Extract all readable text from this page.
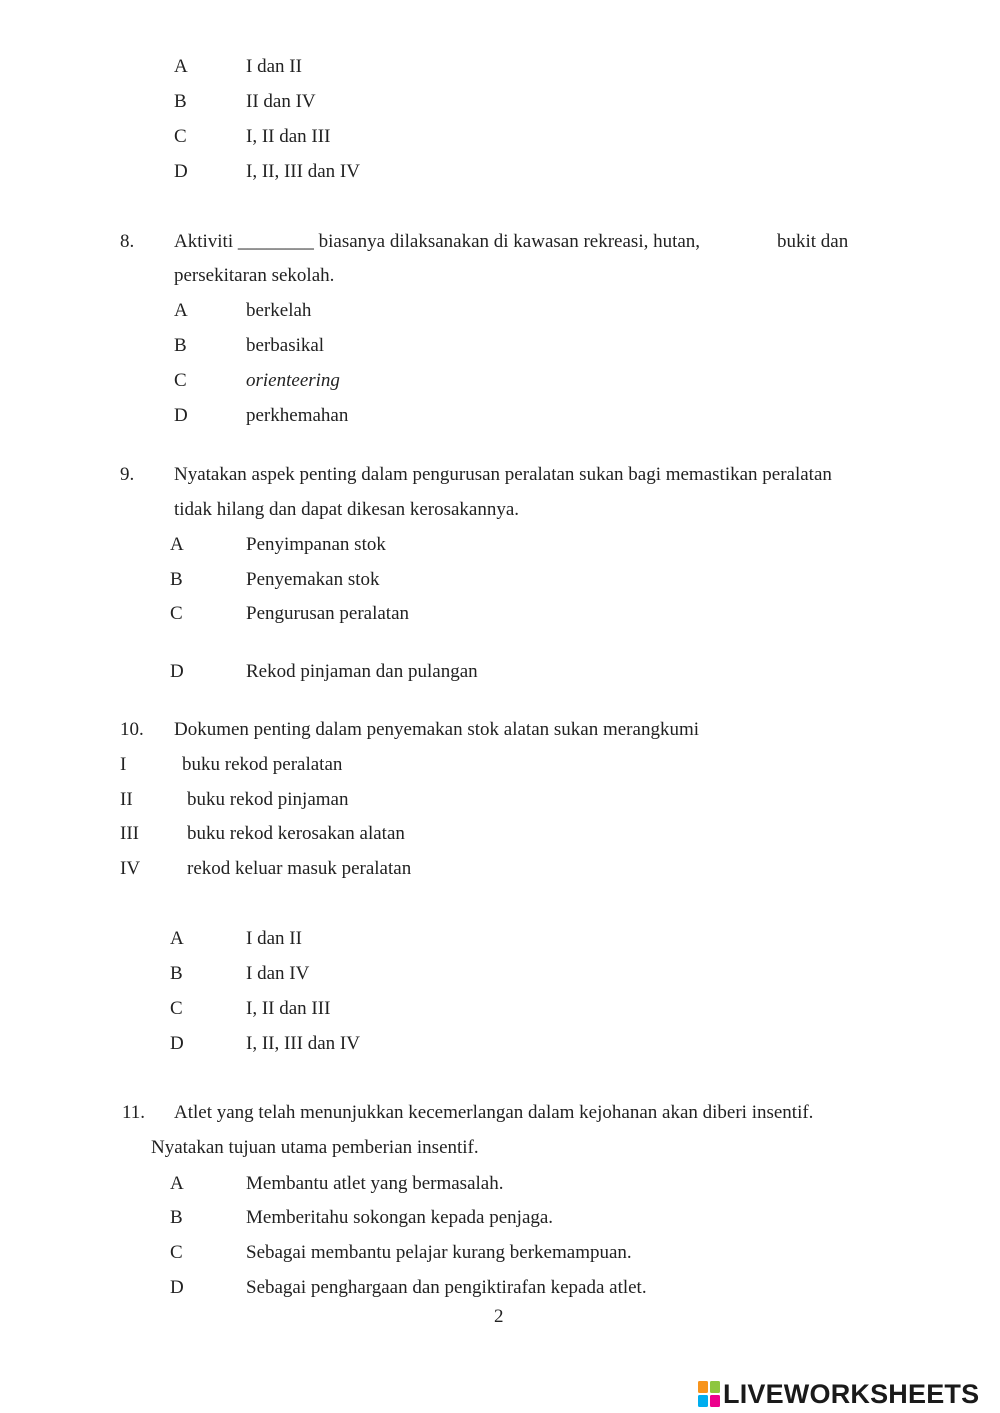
A	I dan II
B	II dan IV
C	I, II dan III
D	I, II, III dan IV
8. Aktiviti ________ biasanya dilaksanakan di kawasan rekreasi, hutan,	bukit dan
persekitaran sekolah.
A	berkelah
B	berbasikal
C	orienteering
D	perkhemahan
9. Nyatakan aspek penting dalam pengurusan peralatan sukan bagi memastikan peralatan
tidak hilang dan dapat dikesan kerosakannya.
A	Penyimpanan stok
B	Penyemakan stok
C	Pengurusan peralatan
D	Rekod pinjaman dan pulangan
10. Dokumen penting dalam penyemakan stok alatan sukan merangkumi
I	buku rekod peralatan
II	buku rekod pinjaman
III	buku rekod kerosakan alatan
IV rekod keluar masuk peralatan
A	I dan II
B	I dan IV
C	I, II dan III
D	I, II, III dan IV
11. Atlet yang telah menunjukkan kecemerlangan dalam kejohanan akan diberi insentif.
Nyatakan tujuan utama pemberian insentif.
A	Membantu atlet yang bermasalah.
B	Memberitahu sokongan kepada penjaga.
C	Sebagai membantu pelajar kurang berkemampuan.
D	Sebagai penghargaan dan pengiktirafan kepada atlet.
2
LIVEWORKSHEETS
